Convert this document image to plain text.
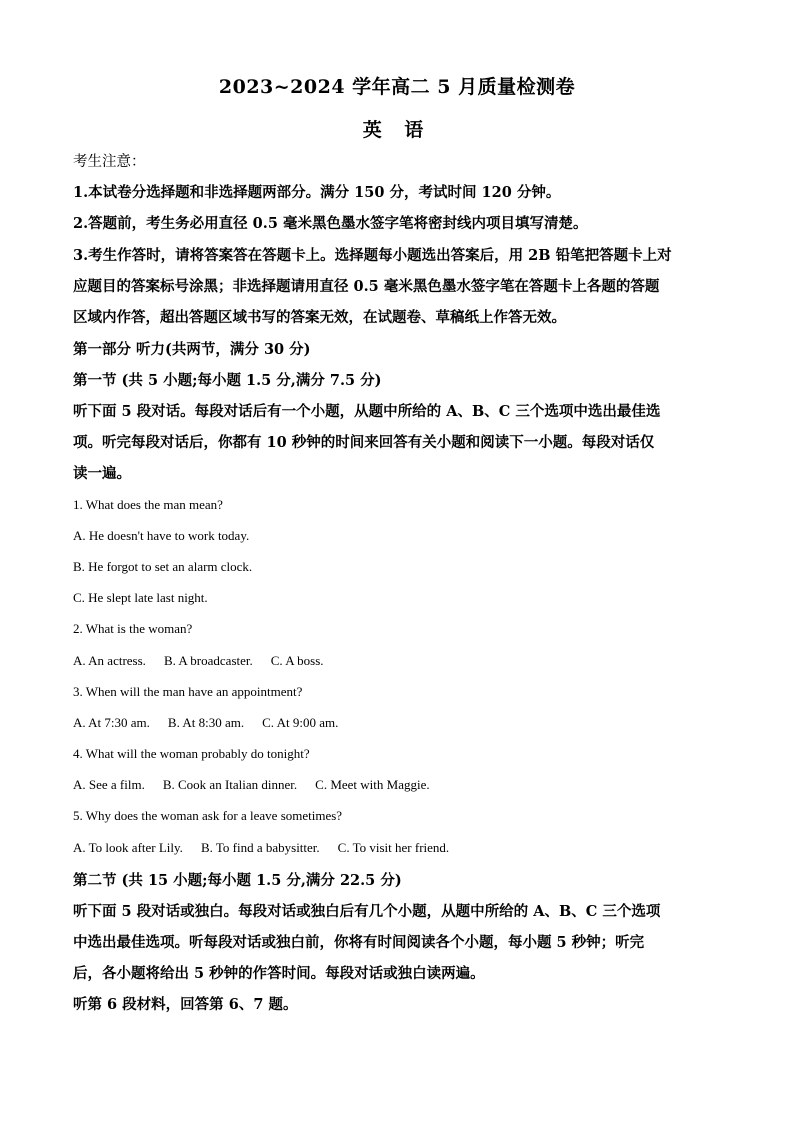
2023~2024 学年高二 5 月质量检测卷
英 语
考生注意：
1.本试卷分选择题和非选择题两部分。满分 150 分，考试时间 120 分钟。
2.答题前，考生务必用直径 0.5 毫米黑色墨水签字笔将密封线内项目填写清楚。
3.考生作答时，请将答案答在答题卡上。选择题每小题选出答案后，用 2B 铅笔把答题卡上对
应题目的答案标号涂黑；非选择题请用直径 0.5 毫米黑色墨水签字笔在答题卡上各题的答题
区域内作答，超出答题区域书写的答案无效，在试题卷、草稿纸上作答无效。
第一部分 听力(共两节，满分 30 分)
第一节 (共 5 小题;每小题 1.5 分,满分 7.5 分)
听下面 5 段对话。每段对话后有一个小题，从题中所给的 A、B、C 三个选项中选出最佳选
项。听完每段对话后，你都有 10 秒钟的时间来回答有关小题和阅读下一小题。每段对话仅
读一遍。
1. What does the man mean?
A. He doesn't have to work today.
B. He forgot to set an alarm clock.
C. He slept late last night.
2. What is the woman?
A. An actress. B. A broadcaster. C. A boss.
3. When will the man have an appointment?
A. At 7:30 am. B. At 8:30 am. C. At 9:00 am.
4. What will the woman probably do tonight?
A. See a film. B. Cook an Italian dinner. C. Meet with Maggie.
5. Why does the woman ask for a leave sometimes?
A. To look after Lily. B. To find a babysitter. C. To visit her friend.
第二节 (共 15 小题;每小题 1.5 分,满分 22.5 分)
听下面 5 段对话或独白。每段对话或独白后有几个小题，从题中所给的 A、B、C 三个选项
中选出最佳选项。听每段对话或独白前，你将有时间阅读各个小题，每小题 5 秒钟；听完
后，各小题将给出 5 秒钟的作答时间。每段对话或独白读两遍。
听第 6 段材料，回答第 6、7 题。
